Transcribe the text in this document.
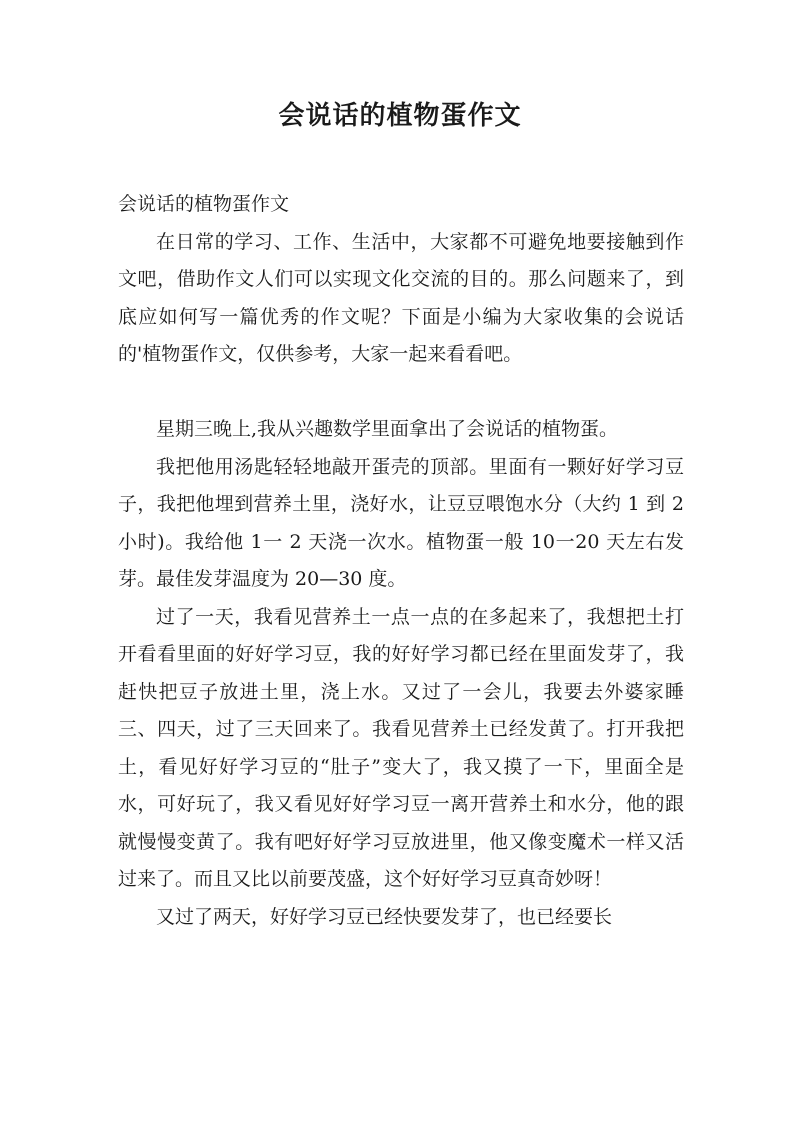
会说话的植物蛋作文

会说话的植物蛋作文

在日常的学习、工作、生活中，大家都不可避免地要接触到作文吧，借助作文人们可以实现文化交流的目的。那么问题来了，到底应如何写一篇优秀的作文呢？下面是小编为大家收集的会说话的'植物蛋作文，仅供参考，大家一起来看看吧。

星期三晚上,我从兴趣数学里面拿出了会说话的植物蛋。

我把他用汤匙轻轻地敲开蛋壳的顶部。里面有一颗好好学习豆子，我把他埋到营养土里，浇好水，让豆豆喂饱水分（大约 1 到 2 小时)。我给他 1一 2 天浇一次水。植物蛋一般 10一20 天左右发芽。最佳发芽温度为 20—30 度。

过了一天，我看见营养土一点一点的在多起来了，我想把土打开看看里面的好好学习豆，我的好好学习都已经在里面发芽了，我赶快把豆子放进土里，浇上水。又过了一会儿，我要去外婆家睡三、四天，过了三天回来了。我看见营养土已经发黄了。打开我把土，看见好好学习豆的“肚子”变大了，我又摸了一下，里面全是水，可好玩了，我又看见好好学习豆一离开营养土和水分，他的跟就慢慢变黄了。我有吧好好学习豆放进里，他又像变魔术一样又活过来了。而且又比以前要茂盛，这个好好学习豆真奇妙呀！

又过了两天，好好学习豆已经快要发芽了，也已经要长
